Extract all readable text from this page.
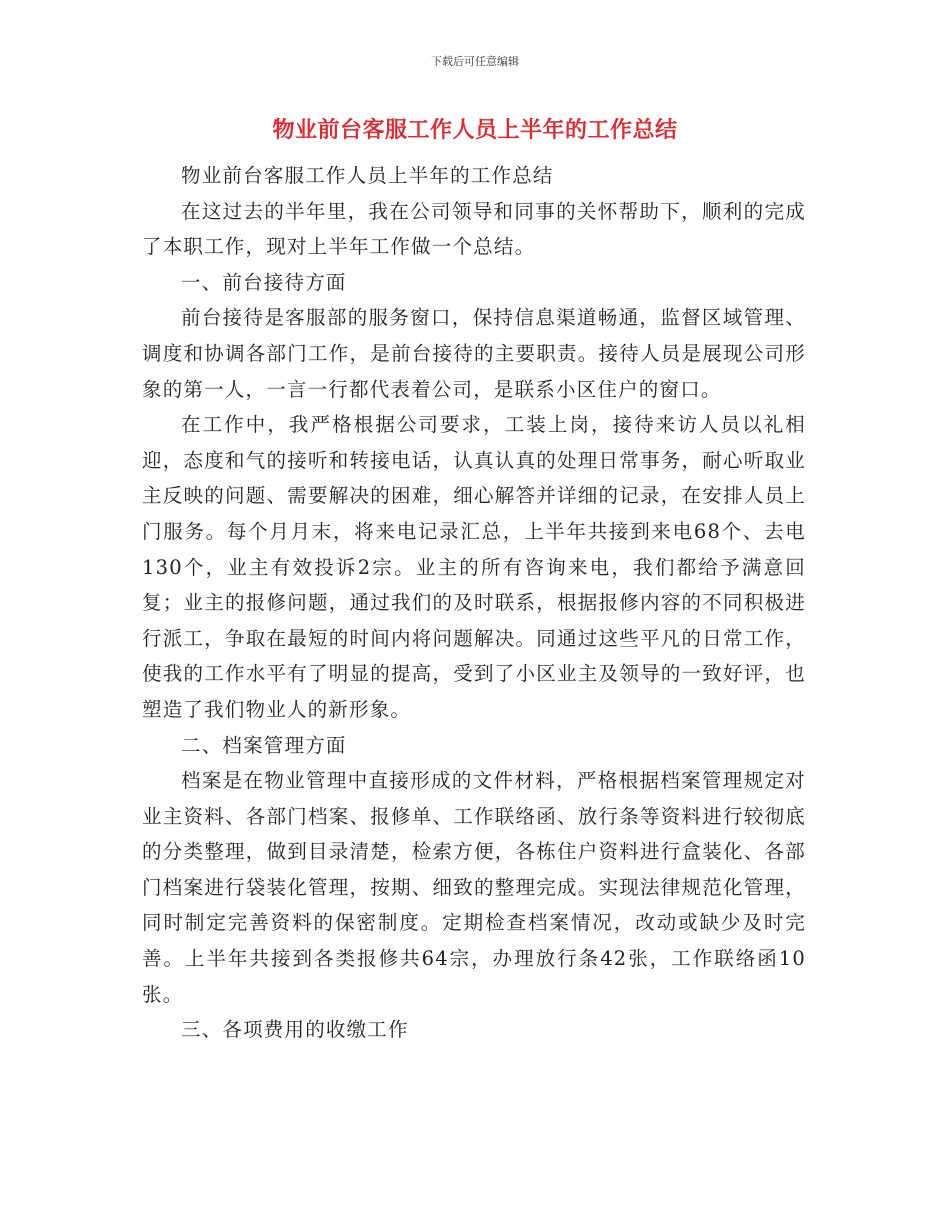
下载后可任意编辑
物业前台客服工作人员上半年的工作总结

物业前台客服工作人员上半年的工作总结

在这过去的半年里，我在公司领导和同事的关怀帮助下，顺利的完成了本职工作，现对上半年工作做一个总结。

一、前台接待方面

前台接待是客服部的服务窗口，保持信息渠道畅通，监督区域管理、调度和协调各部门工作，是前台接待的主要职责。接待人员是展现公司形象的第一人，一言一行都代表着公司，是联系小区住户的窗口。

在工作中，我严格根据公司要求，工装上岗，接待来访人员以礼相迎，态度和气的接听和转接电话，认真认真的处理日常事务，耐心听取业主反映的问题、需要解决的困难，细心解答并详细的记录，在安排人员上门服务。每个月月末，将来电记录汇总，上半年共接到来电68个、去电130个，业主有效投诉2宗。业主的所有咨询来电，我们都给予满意回复；业主的报修问题，通过我们的及时联系，根据报修内容的不同积极进行派工，争取在最短的时间内将问题解决。同通过这些平凡的日常工作，使我的工作水平有了明显的提高，受到了小区业主及领导的一致好评，也塑造了我们物业人的新形象。

二、档案管理方面

档案是在物业管理中直接形成的文件材料，严格根据档案管理规定对业主资料、各部门档案、报修单、工作联络函、放行条等资料进行较彻底的分类整理，做到目录清楚，检索方便，各栋住户资料进行盒装化、各部门档案进行袋装化管理，按期、细致的整理完成。实现法律规范化管理，同时制定完善资料的保密制度。定期检查档案情况，改动或缺少及时完善。上半年共接到各类报修共64宗，办理放行条42张，工作联络函10张。

三、各项费用的收缴工作
